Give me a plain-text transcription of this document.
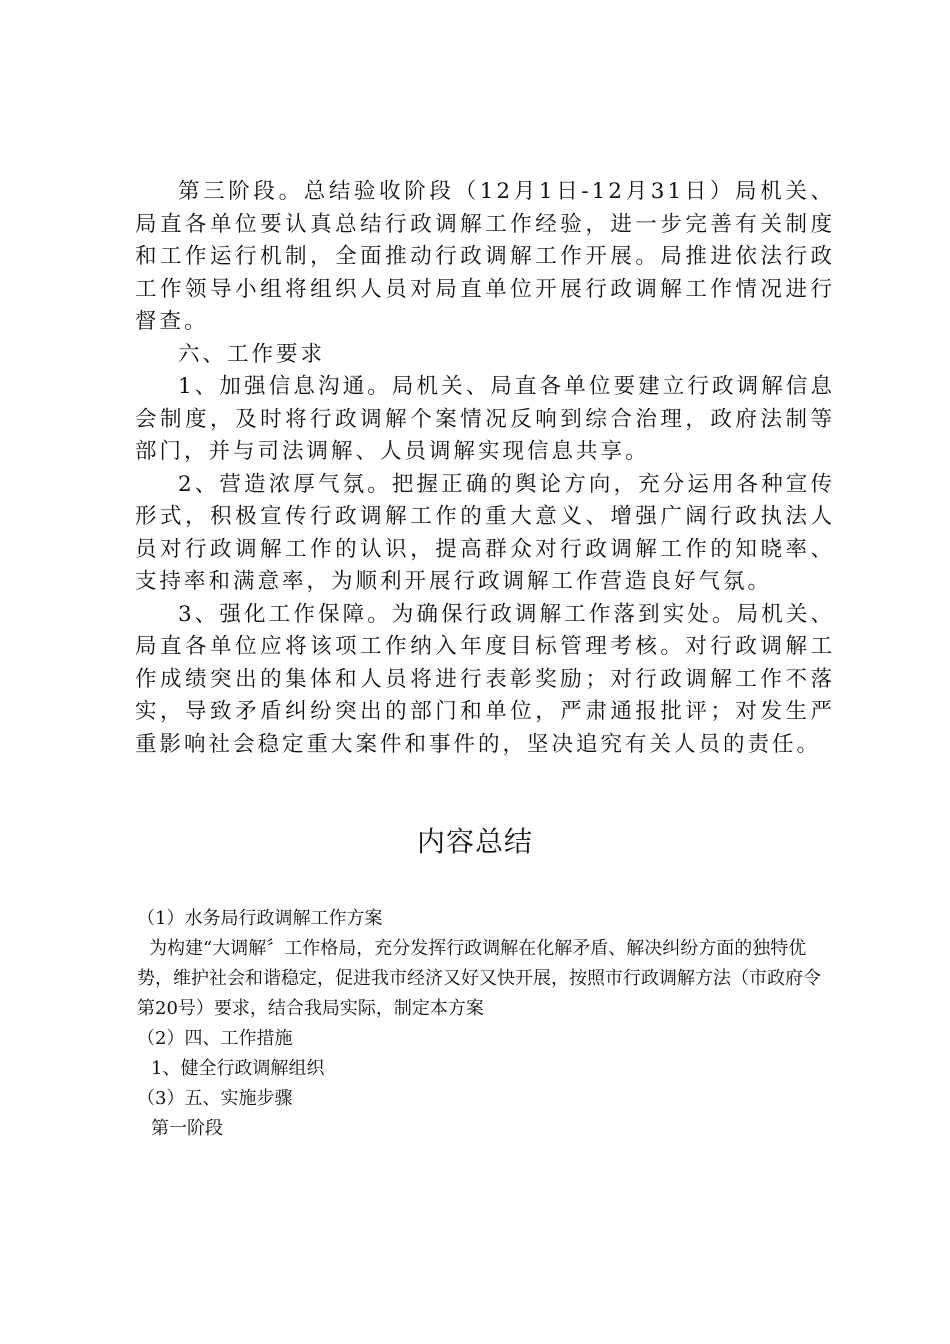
第三阶段。总结验收阶段（12月1日-12月31日）局机关、局直各单位要认真总结行政调解工作经验，进一步完善有关制度和工作运行机制，全面推动行政调解工作开展。局推进依法行政工作领导小组将组织人员对局直单位开展行政调解工作情况进行督查。

六、工作要求

1、加强信息沟通。局机关、局直各单位要建立行政调解信息会制度，及时将行政调解个案情况反响到综合治理，政府法制等部门，并与司法调解、人员调解实现信息共享。

2、营造浓厚气氛。把握正确的舆论方向，充分运用各种宣传形式，积极宣传行政调解工作的重大意义、增强广阔行政执法人员对行政调解工作的认识，提高群众对行政调解工作的知晓率、支持率和满意率，为顺利开展行政调解工作营造良好气氛。

3、强化工作保障。为确保行政调解工作落到实处。局机关、局直各单位应将该项工作纳入年度目标管理考核。对行政调解工作成绩突出的集体和人员将进行表彰奖励；对行政调解工作不落实，导致矛盾纠纷突出的部门和单位，严肃通报批评；对发生严重影响社会稳定重大案件和事件的，坚决追究有关人员的责任。

内容总结

（1）水务局行政调解工作方案

为构建“大调解〞工作格局，充分发挥行政调解在化解矛盾、解决纠纷方面的独特优势，维护社会和谐稳定，促进我市经济又好又快开展，按照市行政调解方法（市政府令第20号）要求，结合我局实际，制定本方案

（2）四、工作措施

1、健全行政调解组织

（3）五、实施步骤

第一阶段
